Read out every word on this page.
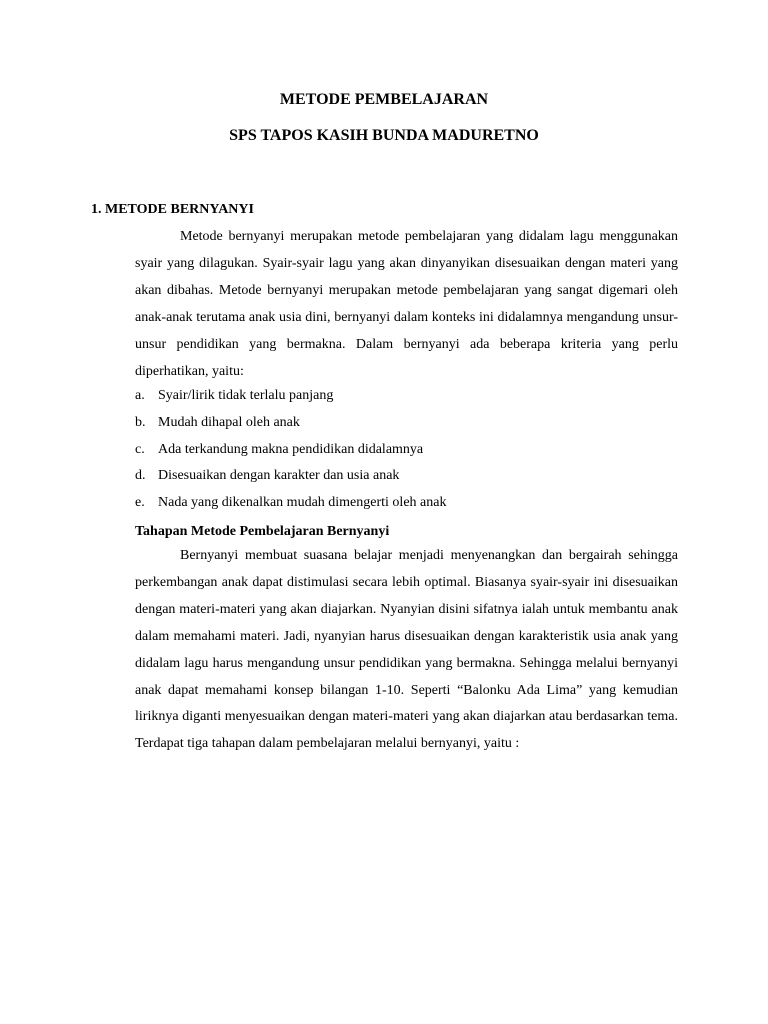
METODE PEMBELAJARAN
SPS TAPOS KASIH BUNDA MADURETNO
1. METODE BERNYANYI

Metode bernyanyi merupakan metode pembelajaran yang didalam lagu menggunakan syair yang dilagukan. Syair-syair lagu yang akan dinyanyikan disesuaikan dengan materi yang akan dibahas. Metode bernyanyi merupakan metode pembelajaran yang sangat digemari oleh anak-anak terutama anak usia dini, bernyanyi dalam konteks ini didalamnya mengandung unsur-unsur pendidikan yang bermakna. Dalam bernyanyi ada beberapa kriteria yang perlu diperhatikan, yaitu:

a. Syair/lirik tidak terlalu panjang
b. Mudah dihapal oleh anak
c. Ada terkandung makna pendidikan didalamnya
d. Disesuaikan dengan karakter dan usia anak
e. Nada yang dikenalkan mudah dimengerti oleh anak
Tahapan Metode Pembelajaran Bernyanyi

Bernyanyi membuat suasana belajar menjadi menyenangkan dan bergairah sehingga perkembangan anak dapat distimulasi secara lebih optimal. Biasanya syair-syair ini disesuaikan dengan materi-materi yang akan diajarkan. Nyanyian disini sifatnya ialah untuk membantu anak dalam memahami materi. Jadi, nyanyian harus disesuaikan dengan karakteristik usia anak yang didalam lagu harus mengandung unsur pendidikan yang bermakna. Sehingga melalui bernyanyi anak dapat memahami konsep bilangan 1-10. Seperti “Balonku Ada Lima” yang kemudian liriknya diganti menyesuaikan dengan materi-materi yang akan diajarkan atau berdasarkan tema. Terdapat tiga tahapan dalam pembelajaran melalui bernyanyi, yaitu :
